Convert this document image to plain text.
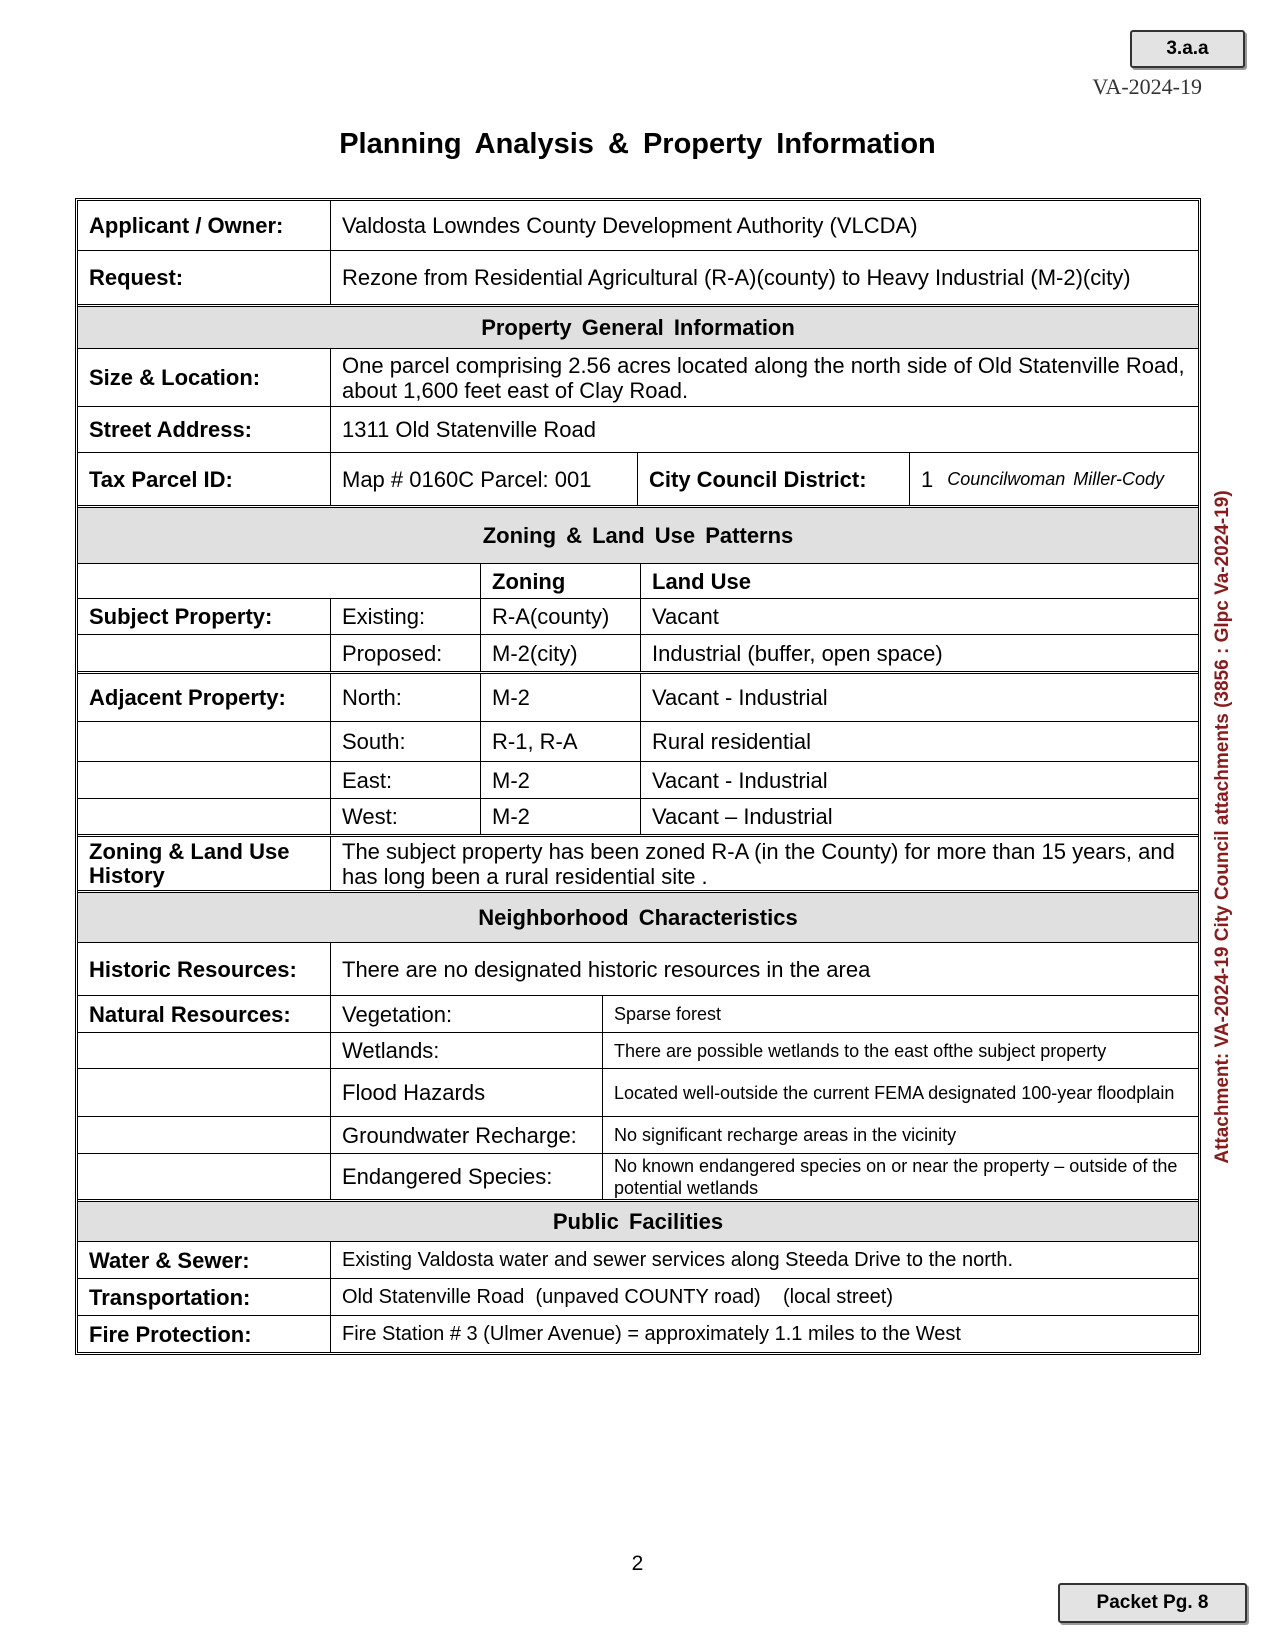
3.a.a
VA-2024-19
Planning Analysis & Property Information
Applicant / Owner:	Valdosta Lowndes County Development Authority (VLCDA)
Request:	Rezone from Residential Agricultural (R-A)(county) to Heavy Industrial (M-2)(city)
Property General Information
Size & Location:	One parcel comprising 2.56 acres located along the north side of Old Statenville Road, about 1,600 feet east of Clay Road.
Street Address:	1311 Old Statenville Road
Tax Parcel ID:	Map # 0160C Parcel: 001	City Council District:	1 Councilwoman Miller-Cody
Zoning & Land Use Patterns
Zoning	Land Use
Subject Property:	Existing:	R-A(county)	Vacant
Proposed:	M-2(city)	Industrial (buffer, open space)
Adjacent Property:	North:	M-2	Vacant - Industrial
South:	R-1, R-A	Rural residential
East:	M-2	Vacant - Industrial
West:	M-2	Vacant – Industrial
Zoning & Land Use History
The subject property has been zoned R-A (in the County) for more than 15 years, and has long been a rural residential site .
Neighborhood Characteristics
Historic Resources:	There are no designated historic resources in the area
Natural Resources:	Vegetation:	Sparse forest
Wetlands:	There are possible wetlands to the east ofthe subject property
Flood Hazards	Located well-outside the current FEMA designated 100-year floodplain
Groundwater Recharge:	No significant recharge areas in the vicinity
Endangered Species:	No known endangered species on or near the property – outside of the potential wetlands
Public Facilities
Water & Sewer:	Existing Valdosta water and sewer services along Steeda Drive to the north.
Transportation:	Old Statenville Road  (unpaved COUNTY road)    (local street)
Fire Protection:	Fire Station # 3 (Ulmer Avenue) = approximately 1.1 miles to the West
Attachment: VA-2024-19 City Council attachments (3856 : Glpc Va-2024-19)
2
Packet Pg. 8
